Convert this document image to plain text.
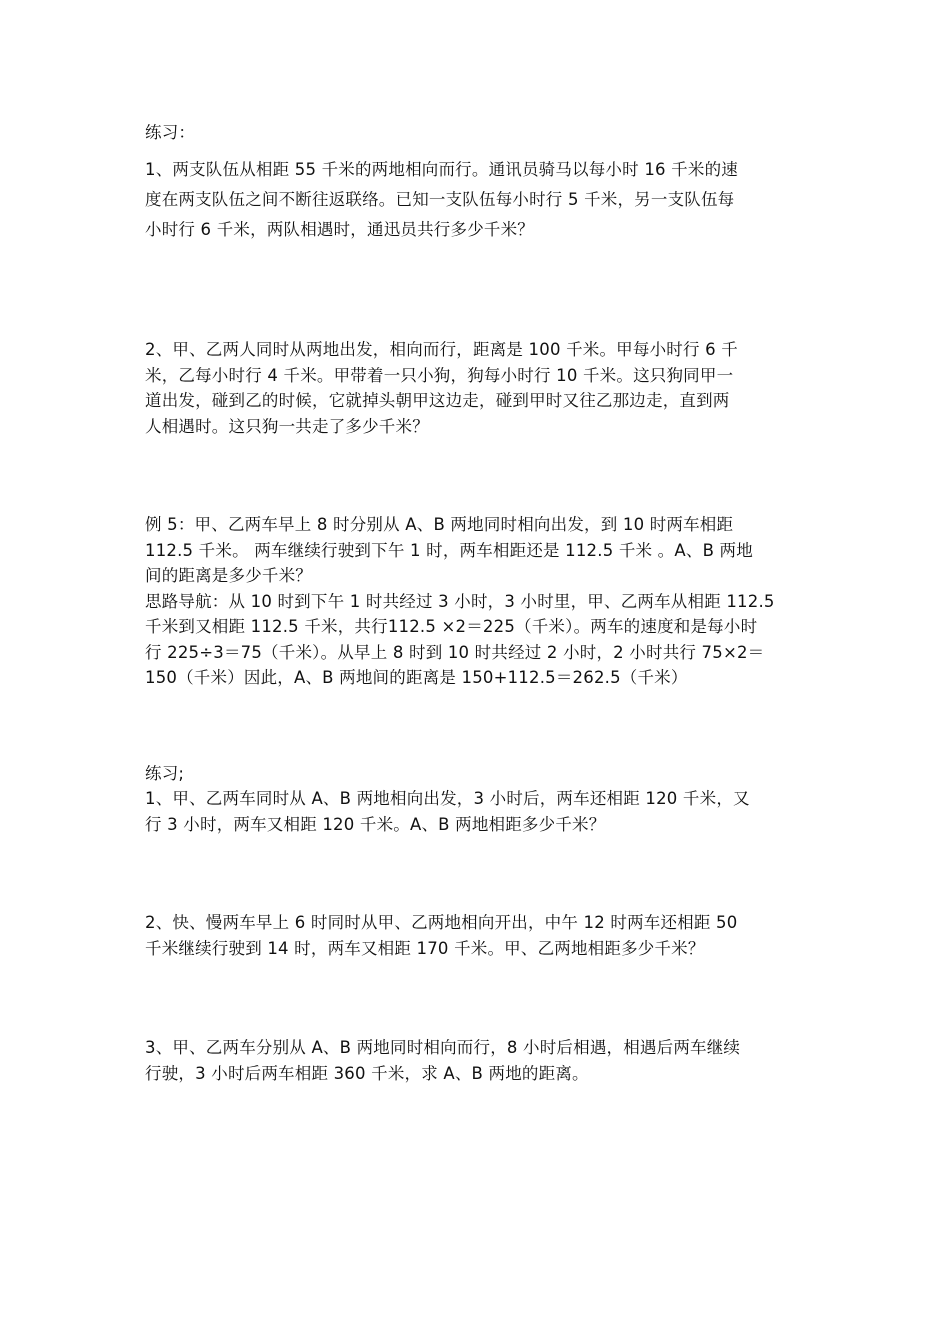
练习：
1、两支队伍从相距 55 千米的两地相向而行。通讯员骑马以每小时 16 千米的速
度在两支队伍之间不断往返联络。已知一支队伍每小时行 5 千米，另一支队伍每
小时行 6 千米，两队相遇时，通迅员共行多少千米？
2、甲、乙两人同时从两地出发，相向而行，距离是 100 千米。甲每小时行 6 千
米，乙每小时行 4 千米。甲带着一只小狗，狗每小时行 10 千米。这只狗同甲一
道出发，碰到乙的时候，它就掉头朝甲这边走，碰到甲时又往乙那边走，直到两
人相遇时。这只狗一共走了多少千米？
例 5：甲、乙两车早上 8 时分别从 A、B 两地同时相向出发，到 10 时两车相距
112.5 千米。 两车继续行驶到下午 1 时，两车相距还是 112.5 千米 。A、B 两地
间的距离是多少千米？
思路导航：从 10 时到下午 1 时共经过 3 小时，3 小时里，甲、乙两车从相距 112.5
千米到又相距 112.5 千米，共行112.5 ×2＝225（千米）。两车的速度和是每小时
行 225÷3＝75（千米）。从早上 8 时到 10 时共经过 2 小时，2 小时共行 75×2＝
150（千米）因此，A、B 两地间的距离是 150+112.5＝262.5（千米）
练习;
1、甲、乙两车同时从 A、B 两地相向出发，3 小时后，两车还相距 120 千米，又
行 3 小时，两车又相距 120 千米。A、B 两地相距多少千米？
2、快、慢两车早上 6 时同时从甲、乙两地相向开出，中午 12 时两车还相距 50
千米继续行驶到 14 时，两车又相距 170 千米。甲、乙两地相距多少千米？
3、甲、乙两车分别从 A、B 两地同时相向而行，8 小时后相遇，相遇后两车继续
行驶，3 小时后两车相距 360 千米，求 A、B 两地的距离。
